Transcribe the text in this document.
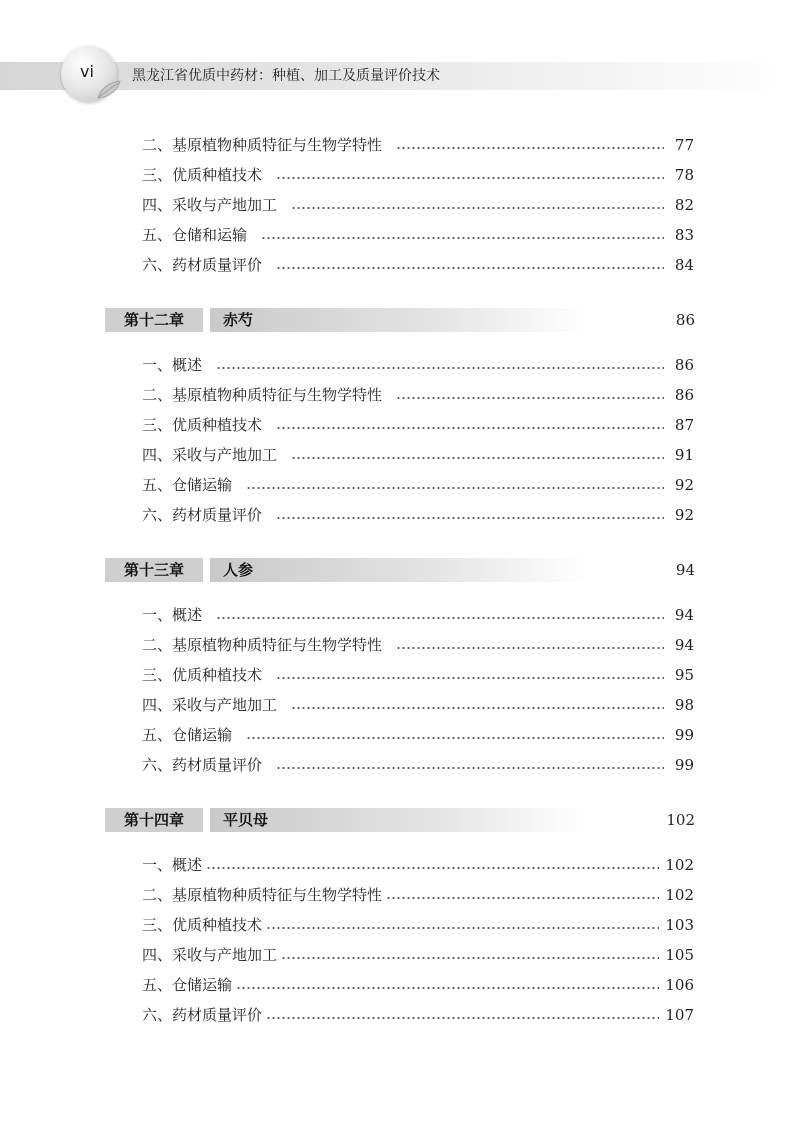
vi	黑龙江省优质中药材：种植、加工及质量评价技术
二、基原植物种质特征与生物学特性	77
三、优质种植技术	78
四、采收与产地加工	82
五、仓储和运输	83
六、药材质量评价	84
第十二章	赤芍	86
一、概述	86
二、基原植物种质特征与生物学特性	86
三、优质种植技术	87
四、采收与产地加工	91
五、仓储运输	92
六、药材质量评价	92
第十三章	人参	94
一、概述	94
二、基原植物种质特征与生物学特性	94
三、优质种植技术	95
四、采收与产地加工	98
五、仓储运输	99
六、药材质量评价	99
第十四章	平贝母	102
一、概述	102
二、基原植物种质特征与生物学特性	102
三、优质种植技术	103
四、采收与产地加工	105
五、仓储运输	106
六、药材质量评价	107
